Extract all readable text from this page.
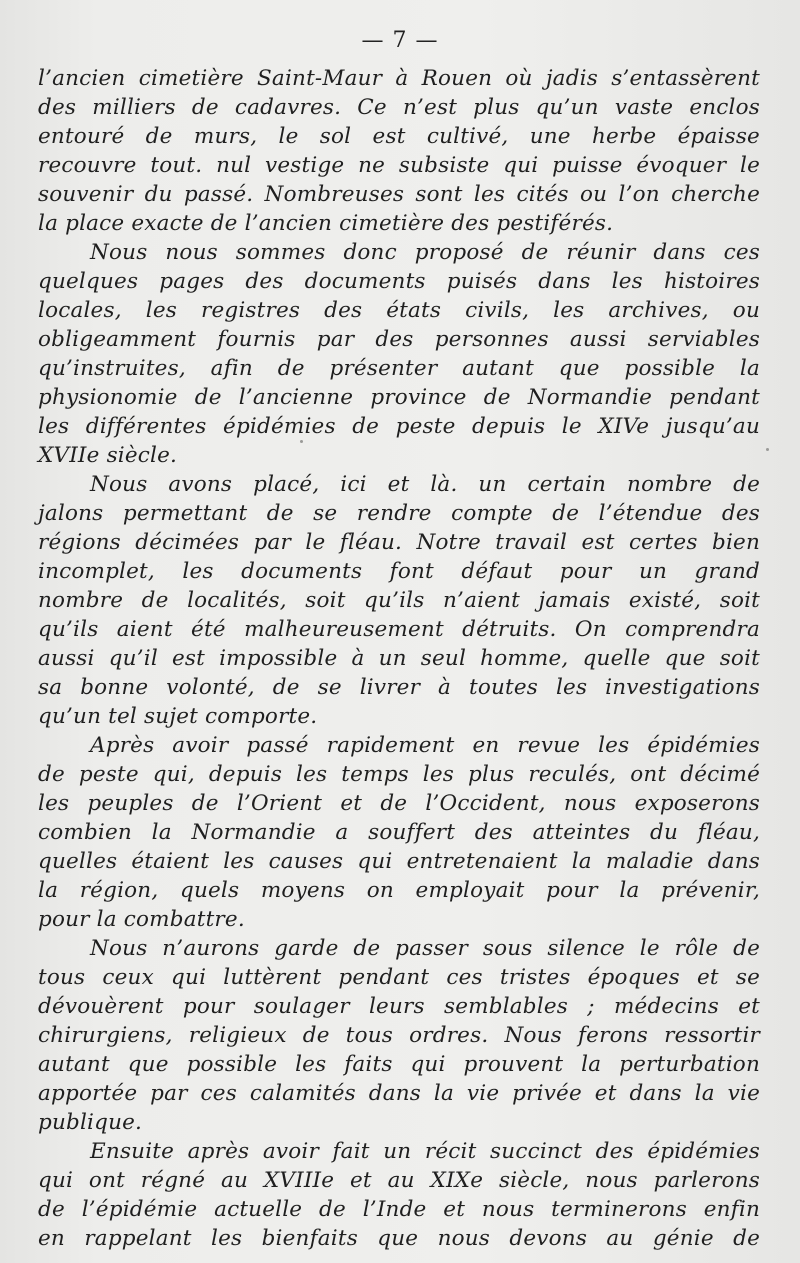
— 7 —
l’ancien cimetière Saint-Maur à Rouen où jadis s’entassèrent
des milliers de cadavres. Ce n’est plus qu’un vaste enclos
entouré de murs, le sol est cultivé, une herbe épaisse
recouvre tout. nul vestige ne subsiste qui puisse évoquer le
souvenir du passé. Nombreuses sont les cités ou l’on cherche
la place exacte de l’ancien cimetière des pestiférés.
Nous nous sommes donc proposé de réunir dans ces
quelques pages des documents puisés dans les histoires
locales, les registres des états civils, les archives, ou
obligeamment fournis par des personnes aussi serviables
qu’instruites, afin de présenter autant que possible la
physionomie de l’ancienne province de Normandie pendant
les différentes épidémies de peste depuis le XIVe jusqu’au
XVIIe siècle.
Nous avons placé, ici et là. un certain nombre de
jalons permettant de se rendre compte de l’étendue des
régions décimées par le fléau. Notre travail est certes bien
incomplet, les documents font défaut pour un grand
nombre de localités, soit qu’ils n’aient jamais existé, soit
qu’ils aient été malheureusement détruits. On comprendra
aussi qu’il est impossible à un seul homme, quelle que soit
sa bonne volonté, de se livrer à toutes les investigations
qu’un tel sujet comporte.
Après avoir passé rapidement en revue les épidémies
de peste qui, depuis les temps les plus reculés, ont décimé
les peuples de l’Orient et de l’Occident, nous exposerons
combien la Normandie a souffert des atteintes du fléau,
quelles étaient les causes qui entretenaient la maladie dans
la région, quels moyens on employait pour la prévenir,
pour la combattre.
Nous n’aurons garde de passer sous silence le rôle de
tous ceux qui luttèrent pendant ces tristes époques et se
dévouèrent pour soulager leurs semblables ; médecins et
chirurgiens, religieux de tous ordres. Nous ferons ressortir
autant que possible les faits qui prouvent la perturbation
apportée par ces calamités dans la vie privée et dans la vie
publique.
Ensuite après avoir fait un récit succinct des épidémies
qui ont régné au XVIIIe et au XIXe siècle, nous parlerons
de l’épidémie actuelle de l’Inde et nous terminerons enfin
en rappelant les bienfaits que nous devons au génie de
